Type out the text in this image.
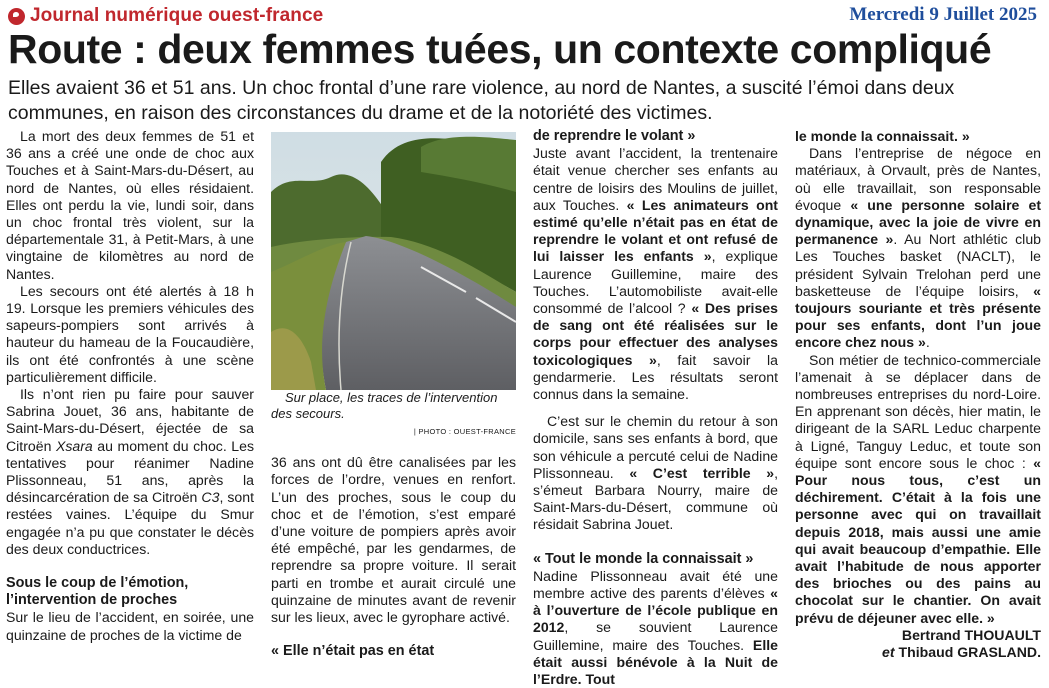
Journal numérique ouest-france	Mercredi 9 Juillet 2025
Route : deux femmes tuées, un contexte compliqué
Elles avaient 36 et 51 ans. Un choc frontal d’une rare violence, au nord de Nantes, a suscité l’émoi dans deux communes, en raison des circonstances du drame et de la notoriété des victimes.

La mort des deux femmes de 51 et 36 ans a créé une onde de choc aux Touches et à Saint-Mars-du-Désert, au nord de Nantes, où elles résidaient. Elles ont perdu la vie, lundi soir, dans un choc frontal très violent, sur la départementale 31, à Petit-Mars, à une vingtaine de kilomètres au nord de Nantes.

Les secours ont été alertés à 18 h 19. Lorsque les premiers véhicules des sapeurs-pompiers sont arrivés à hauteur du hameau de la Foucaudière, ils ont été confrontés à une scène particulièrement difficile.

Ils n’ont rien pu faire pour sauver Sabrina Jouet, 36 ans, habitante de Saint-Mars-du-Désert, éjectée de sa Citroën Xsara au moment du choc. Les tentatives pour réanimer Nadine Plissonneau, 51 ans, après la désincarcération de sa Citroën C3, sont restées vaines. L’équipe du Smur engagée n’a pu que constater le décès des deux conductrices.

Sous le coup de l’émotion, l’intervention de proches

Sur le lieu de l’accident, en soirée, une quinzaine de proches de la victime de

Sur place, les traces de l’intervention des secours.

| PHOTO : OUEST-FRANCE

36 ans ont dû être canalisées par les forces de l’ordre, venues en renfort. L’un des proches, sous le coup du choc et de l’émotion, s’est emparé d’une voiture de pompiers après avoir été empêché, par les gendarmes, de reprendre sa propre voiture. Il serait parti en trombe et aurait circulé une quinzaine de minutes avant de revenir sur les lieux, avec le gyrophare activé.

« Elle n’était pas en état
de reprendre le volant »

Juste avant l’accident, la trentenaire était venue chercher ses enfants au centre de loisirs des Moulins de juillet, aux Touches. « Les animateurs ont estimé qu’elle n’était pas en état de reprendre le volant et ont refusé de lui laisser les enfants », explique Laurence Guillemine, maire des Touches. L’automobiliste avait-elle consommé de l’alcool ? « Des prises de sang ont été réalisées sur le corps pour effectuer des analyses toxicologiques », fait savoir la gendarmerie. Les résultats seront connus dans la semaine.

C’est sur le chemin du retour à son domicile, sans ses enfants à bord, que son véhicule a percuté celui de Nadine Plissonneau. « C’est terrible », s’émeut Barbara Nourry, maire de Saint-Mars-du-Désert, commune où résidait Sabrina Jouet.

« Tout le monde la connaissait »

Nadine Plissonneau avait été une membre active des parents d’élèves « à l’ouverture de l’école publique en 2012, se souvient Laurence Guillemine, maire des Touches. Elle était aussi bénévole à la Nuit de l’Erdre. Tout

le monde la connaissait. »

Dans l’entreprise de négoce en matériaux, à Orvault, près de Nantes, où elle travaillait, son responsable évoque « une personne solaire et dynamique, avec la joie de vivre en permanence ». Au Nort athlétic club Les Touches basket (NACLT), le président Sylvain Trelohan perd une basketteuse de l’équipe loisirs, « toujours souriante et très présente pour ses enfants, dont l’un joue encore chez nous ».

Son métier de technico-commerciale l’amenait à se déplacer dans de nombreuses entreprises du nord-Loire. En apprenant son décès, hier matin, le dirigeant de la SARL Leduc charpente à Ligné, Tanguy Leduc, et toute son équipe sont encore sous le choc : « Pour nous tous, c’est un déchirement. C’était à la fois une personne avec qui on travaillait depuis 2018, mais aussi une amie qui avait beaucoup d’empathie. Elle avait l’habitude de nous apporter des brioches ou des pains au chocolat sur le chantier. On avait prévu de déjeuner avec elle. »

Bertrand THOUAULT
et Thibaud GRASLAND.
